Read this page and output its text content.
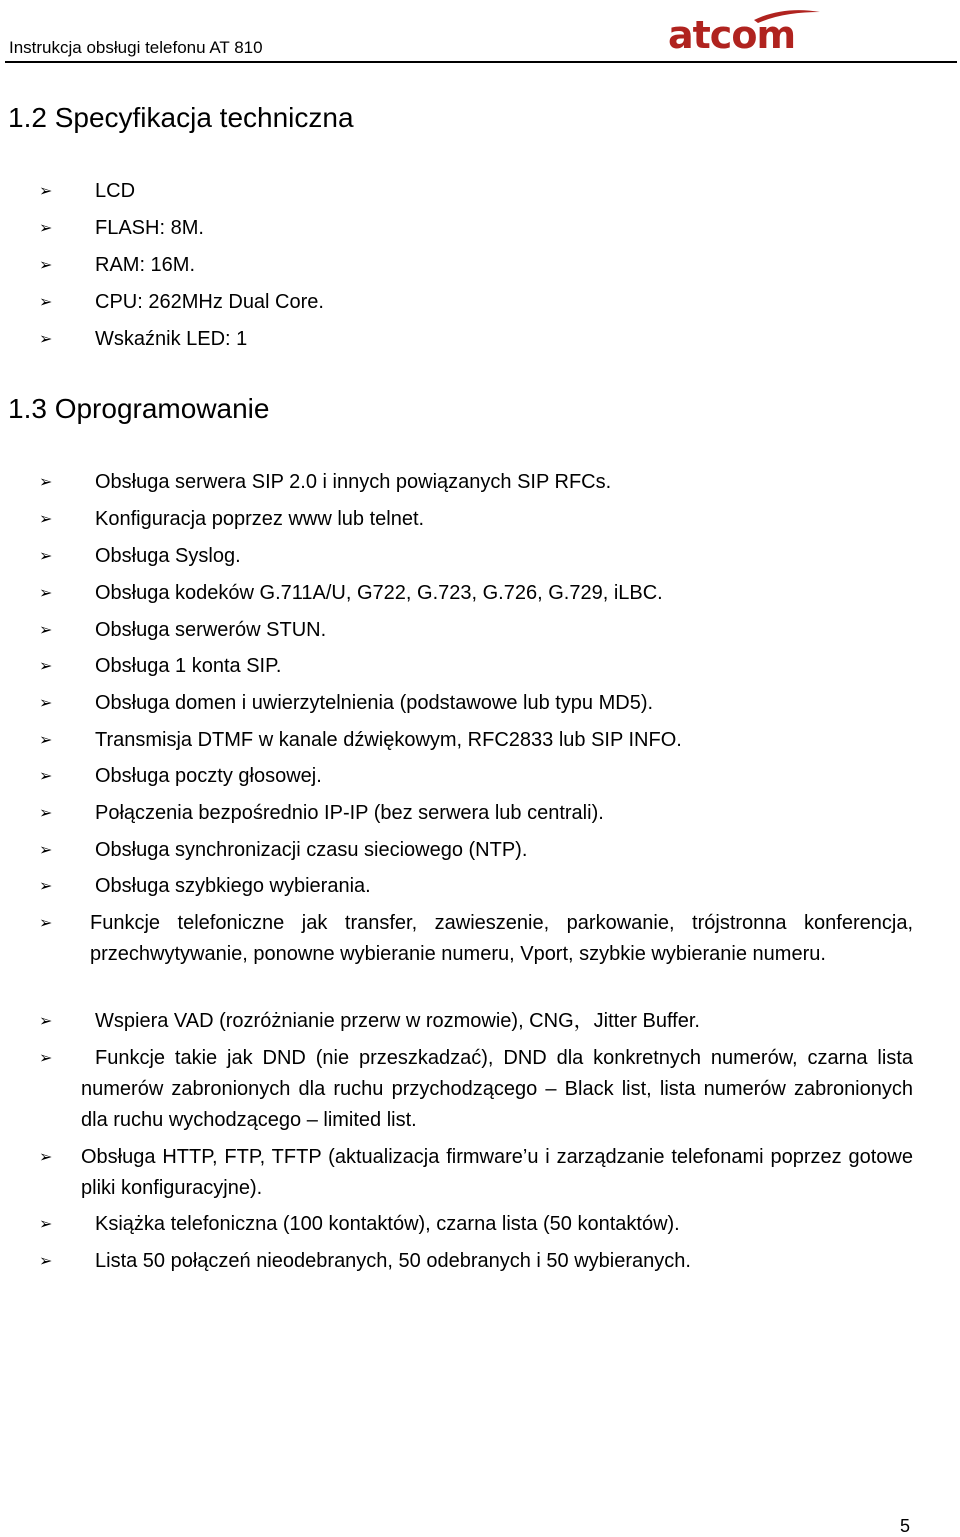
Instrukcja obsługi telefonu AT 810	atcom
1.2 Specyfikacja techniczna
➢ LCD
➢ FLASH: 8M.
➢ RAM: 16M.
➢ CPU: 262MHz Dual Core.
➢ Wskaźnik LED: 1
1.3 Oprogramowanie
➢ Obsługa serwera SIP 2.0 i innych powiązanych SIP RFCs.
➢ Konfiguracja poprzez www lub telnet.
➢ Obsługa Syslog.
➢ Obsługa kodeków G.711A/U, G722, G.723, G.726, G.729, iLBC.
➢ Obsługa serwerów STUN.
➢ Obsługa 1 konta SIP.
➢ Obsługa domen i uwierzytelnienia (podstawowe lub typu MD5).
➢ Transmisja DTMF w kanale dźwiękowym, RFC2833 lub SIP INFO.
➢ Obsługa poczty głosowej.
➢ Połączenia bezpośrednio IP-IP (bez serwera lub centrali).
➢ Obsługa synchronizacji czasu sieciowego (NTP).
➢ Obsługa szybkiego wybierania.
➢ Funkcje telefoniczne jak transfer, zawieszenie, parkowanie, trójstronna konferencja, przechwytywanie, ponowne wybieranie numeru, Vport, szybkie wybieranie numeru.
➢ Wspiera VAD (rozróżnianie przerw w rozmowie), CNG，Jitter Buffer.
➢	Funkcje takie jak DND (nie przeszkadzać), DND dla konkretnych numerów, czarna lista numerów zabronionych dla ruchu przychodzącego – Black list, lista numerów zabronionych dla ruchu wychodzącego – limited list.
➢ Obsługa HTTP, FTP, TFTP (aktualizacja firmware’u i zarządzanie telefonami poprzez gotowe pliki konfiguracyjne).
➢ Książka telefoniczna (100 kontaktów), czarna lista (50 kontaktów).
➢ Lista 50 połączeń nieodebranych, 50 odebranych i 50 wybieranych.
5
